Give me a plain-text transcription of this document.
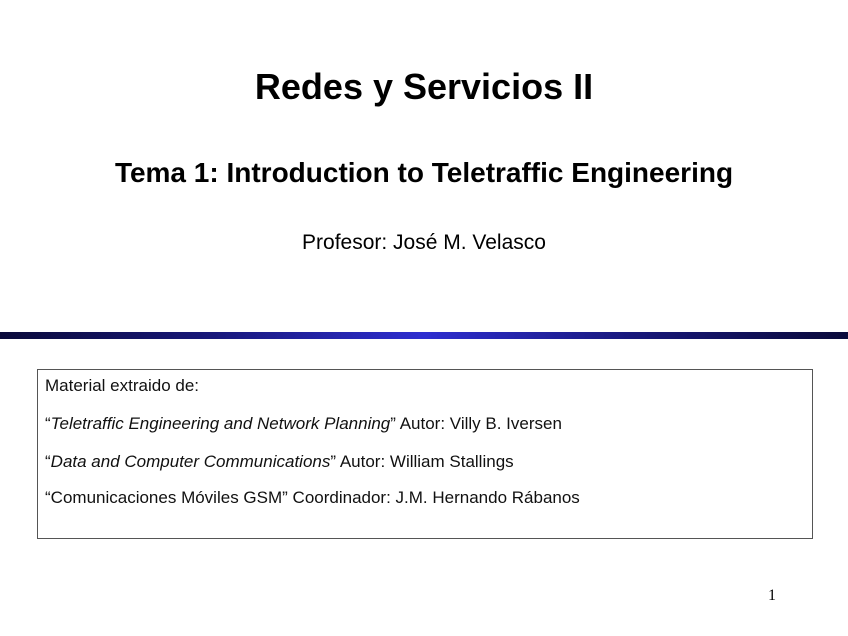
Redes y Servicios II
Tema 1: Introduction to Teletraffic Engineering
Profesor: José M. Velasco
Material extraido de:
“Teletraffic Engineering and Network Planning” Autor: Villy B. Iversen
“Data and Computer Communications” Autor: William Stallings
“Comunicaciones Móviles GSM” Coordinador: J.M. Hernando Rábanos
1
